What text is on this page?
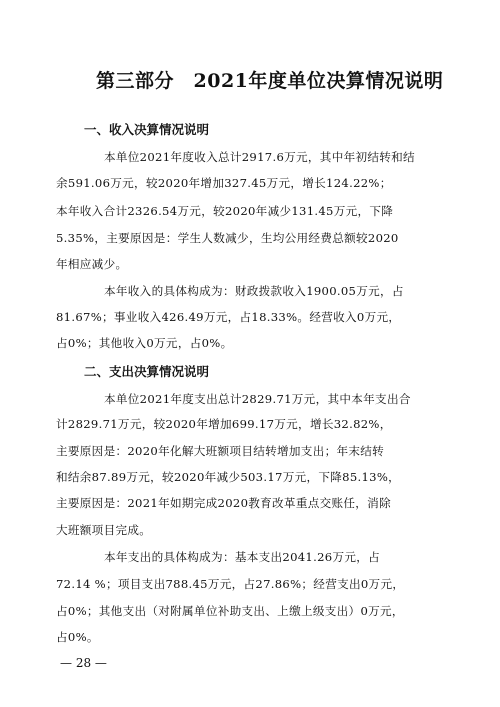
第三部分　2021年度单位决算情况说明
一、收入决算情况说明
本单位2021年度收入总计2917.6万元，其中年初结转和结
余591.06万元，较2020年增加327.45万元，增长124.22%；
本年收入合计2326.54万元，较2020年减少131.45万元，下降
5.35%，主要原因是：学生人数减少，生均公用经费总额较2020
年相应减少。
本年收入的具体构成为：财政拨款收入1900.05万元，占
81.67%；事业收入426.49万元，占18.33%。经营收入0万元，
占0%；其他收入0万元，占0%。
二、支出决算情况说明
本单位2021年度支出总计2829.71万元，其中本年支出合
计2829.71万元，较2020年增加699.17万元，增长32.82%，
主要原因是：2020年化解大班额项目结转增加支出；年末结转
和结余87.89万元，较2020年减少503.17万元，下降85.13%，
主要原因是：2021年如期完成2020教育改革重点交账任，消除
大班额项目完成。
本年支出的具体构成为：基本支出2041.26万元，占
72.14 %；项目支出788.45万元，占27.86%；经营支出0万元，
占0%；其他支出（对附属单位补助支出、上缴上级支出）0万元，
占0%。
— 28 —
